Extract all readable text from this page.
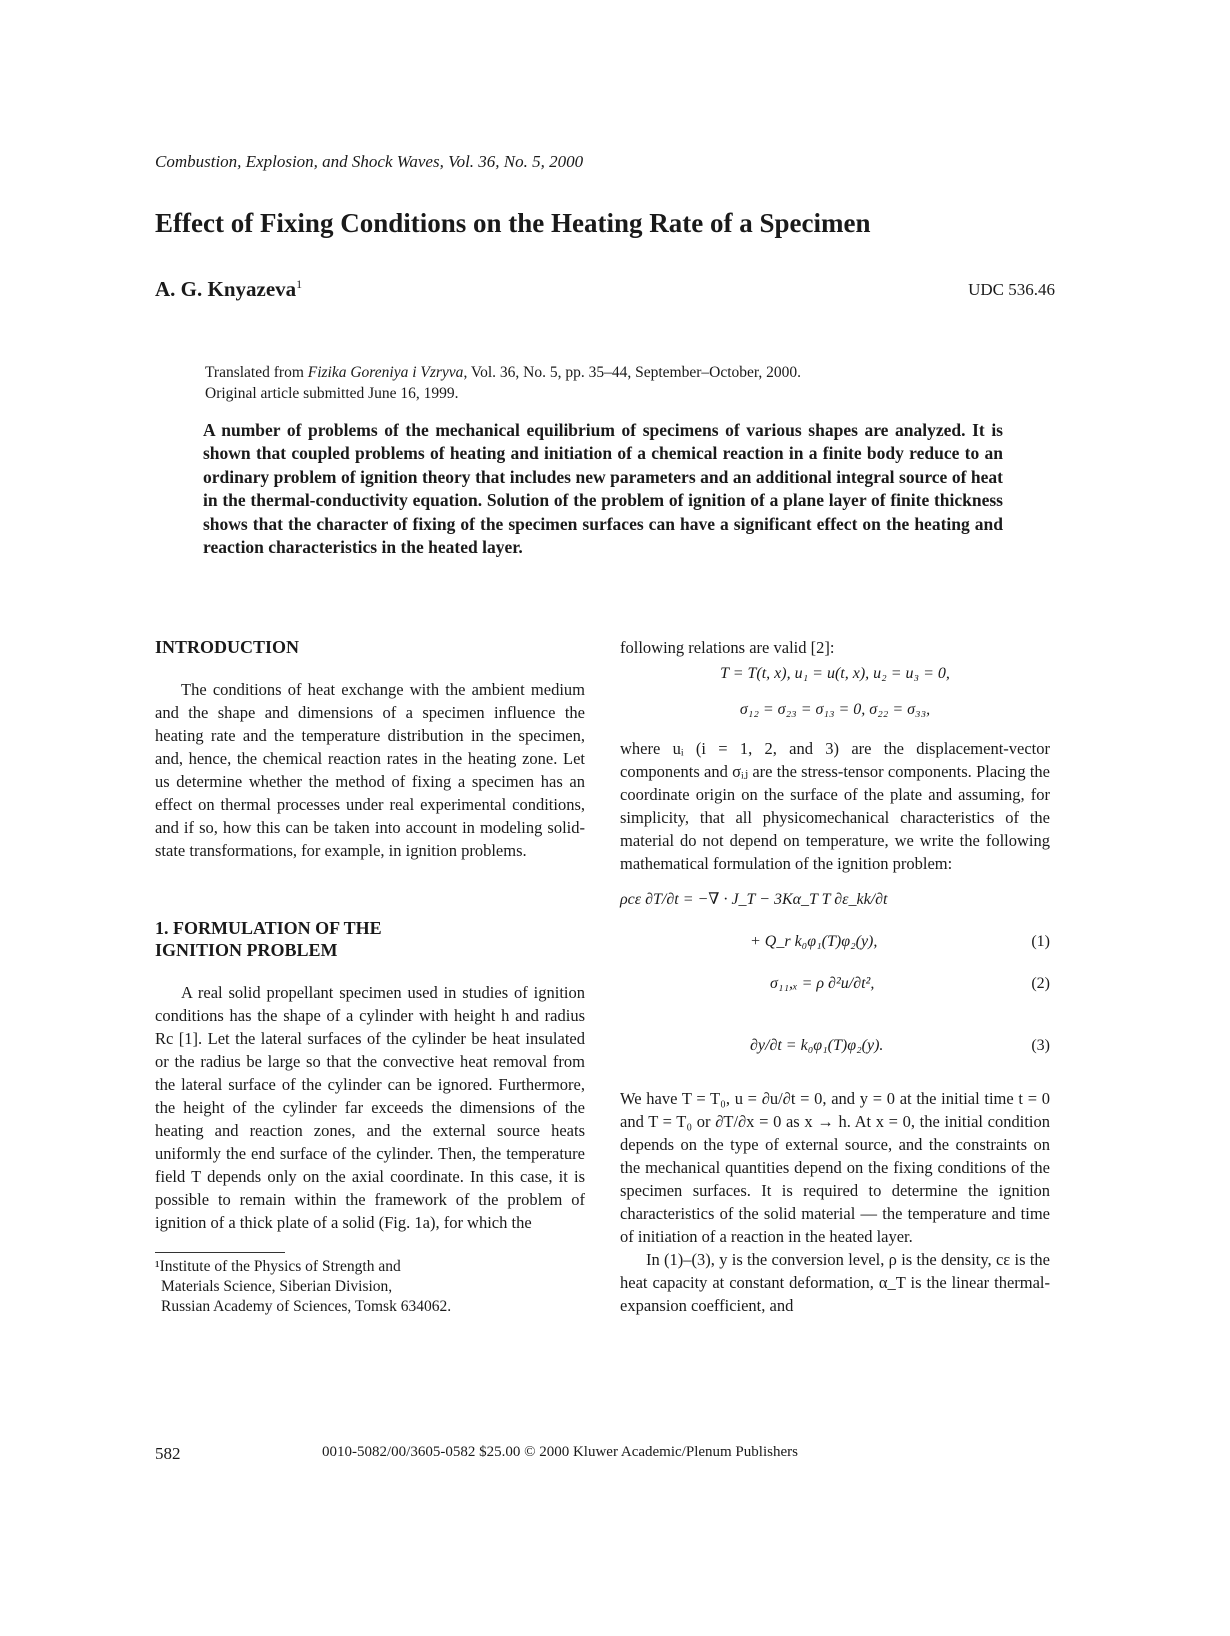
Combustion, Explosion, and Shock Waves, Vol. 36, No. 5, 2000
Effect of Fixing Conditions on the Heating Rate of a Specimen
A. G. Knyazeva$^1$	UDC 536.46
Translated from Fizika Goreniya i Vzryva, Vol. 36, No. 5, pp. 35–44, September–October, 2000.
Original article submitted June 16, 1999.
A number of problems of the mechanical equilibrium of specimens of various shapes are analyzed. It is shown that coupled problems of heating and initiation of a chemical reaction in a finite body reduce to an ordinary problem of ignition theory that includes new parameters and an additional integral source of heat in the thermal-conductivity equation. Solution of the problem of ignition of a plane layer of finite thickness shows that the character of fixing of the specimen surfaces can have a significant effect on the heating and reaction characteristics in the heated layer.

INTRODUCTION

The conditions of heat exchange with the ambient medium and the shape and dimensions of a specimen influence the heating rate and the temperature distribution in the specimen, and, hence, the chemical reaction rates in the heating zone. Let us determine whether the method of fixing a specimen has an effect on thermal processes under real experimental conditions, and if so, how this can be taken into account in modeling solid-state transformations, for example, in ignition problems.

1. FORMULATION OF THE

IGNITION PROBLEM

A real solid propellant specimen used in studies of ignition conditions has the shape of a cylinder with height h and radius Rc [1]. Let the lateral surfaces of the cylinder be heat insulated or the radius be large so that the convective heat removal from the lateral surface of the cylinder can be ignored. Furthermore, the height of the cylinder far exceeds the dimensions of the heating and reaction zones, and the external source heats uniformly the end surface of the cylinder. Then, the temperature field T depends only on the axial coordinate. In this case, it is possible to remain within the framework of the problem of ignition of a thick plate of a solid (Fig. 1a), for which the

¹Institute of the Physics of Strength and
Materials Science, Siberian Division,
Russian Academy of Sciences, Tomsk 634062.

following relations are valid [2]:

T = T(t, x), u₁ = u(t, x), u₂ = u₃ = 0,
σ₁₂ = σ₂₃ = σ₁₃ = 0, σ₂₂ = σ₃₃,

where uᵢ (i = 1, 2, and 3) are the displacement-vector components and σᵢⱼ are the stress-tensor components. Placing the coordinate origin on the surface of the plate and assuming, for simplicity, that all physicomechanical characteristics of the material do not depend on temperature, we write the following mathematical formulation of the ignition problem:

ρcε ∂T/∂t = −∇ · J_T − 3Kα_T T ∂ε_kk/∂t
+ Q_r k₀φ₁(T)φ₂(y),	(1)
σ₁₁,ₓ = ρ ∂²u/∂t²,	(2)
∂y/∂t = k₀φ₁(T)φ₂(y).	(3)

We have T = T₀, u = ∂u/∂t = 0, and y = 0 at the initial time t = 0 and T = T₀ or ∂T/∂x = 0 as x → h. At x = 0, the initial condition depends on the type of external source, and the constraints on the mechanical quantities depend on the fixing conditions of the specimen surfaces. It is required to determine the ignition characteristics of the solid material — the temperature and time of initiation of a reaction in the heated layer.

In (1)–(3), y is the conversion level, ρ is the density, cε is the heat capacity at constant deformation, α_T is the linear thermal-expansion coefficient, and

582	0010-5082/00/3605-0582 $25.00 © 2000 Kluwer Academic/Plenum Publishers
